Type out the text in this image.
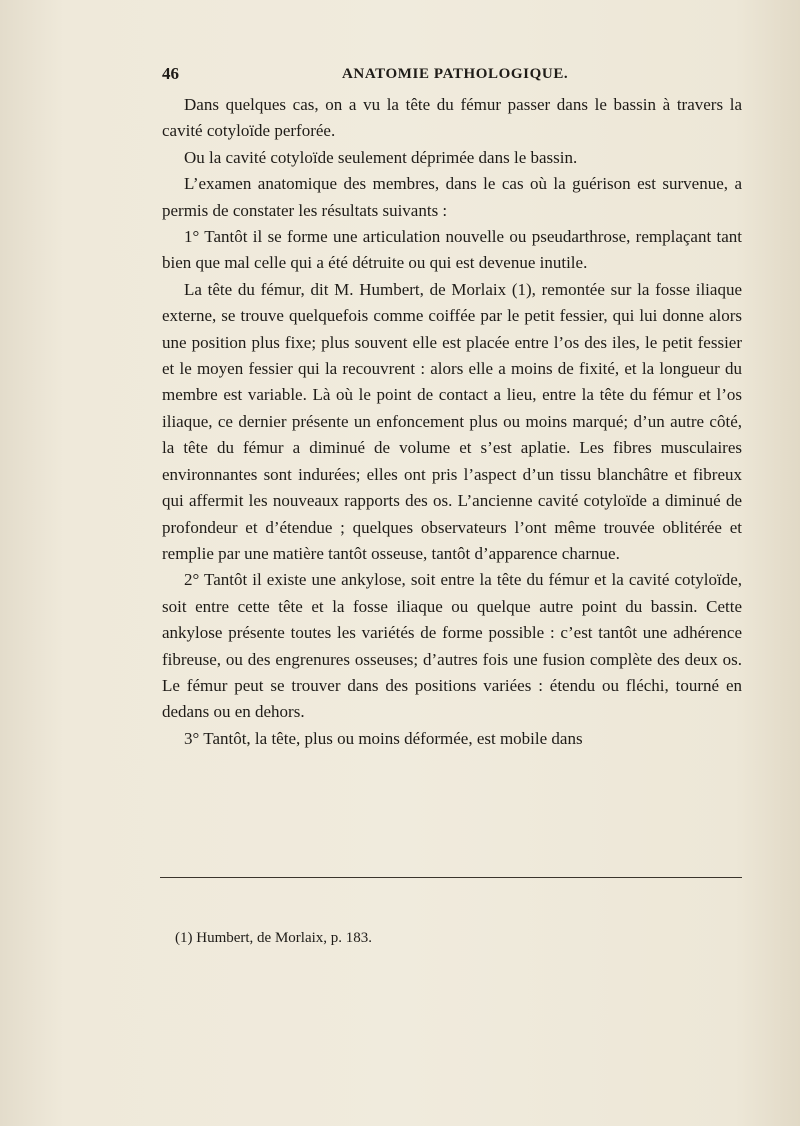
46	ANATOMIE PATHOLOGIQUE.

Dans quelques cas, on a vu la tête du fémur passer dans le bassin à travers la cavité cotyloïde perforée.

Ou la cavité cotyloïde seulement déprimée dans le bassin.

L’examen anatomique des membres, dans le cas où la guérison est survenue, a permis de constater les résultats suivants :

1° Tantôt il se forme une articulation nouvelle ou pseudarthrose, remplaçant tant bien que mal celle qui a été détruite ou qui est devenue inutile.

La tête du fémur, dit M. Humbert, de Morlaix (1), remontée sur la fosse iliaque externe, se trouve quelquefois comme coiffée par le petit fessier, qui lui donne alors une position plus fixe; plus souvent elle est placée entre l’os des iles, le petit fessier et le moyen fessier qui la recouvrent : alors elle a moins de fixité, et la longueur du membre est variable. Là où le point de contact a lieu, entre la tête du fémur et l’os iliaque, ce dernier présente un enfoncement plus ou moins marqué; d’un autre côté, la tête du fémur a diminué de volume et s’est aplatie. Les fibres musculaires environnantes sont indurées; elles ont pris l’aspect d’un tissu blanchâtre et fibreux qui affermit les nouveaux rapports des os. L’ancienne cavité cotyloïde a diminué de profondeur et d’étendue ; quelques observateurs l’ont même trouvée oblitérée et remplie par une matière tantôt osseuse, tantôt d’apparence charnue.

2° Tantôt il existe une ankylose, soit entre la tête du fémur et la cavité cotyloïde, soit entre cette tête et la fosse iliaque ou quelque autre point du bassin. Cette ankylose présente toutes les variétés de forme possible : c’est tantôt une adhérence fibreuse, ou des engrenures osseuses; d’autres fois une fusion complète des deux os. Le fémur peut se trouver dans des positions variées : étendu ou fléchi, tourné en dedans ou en dehors.

3° Tantôt, la tête, plus ou moins déformée, est mobile dans

(1) Humbert, de Morlaix, p. 183.
